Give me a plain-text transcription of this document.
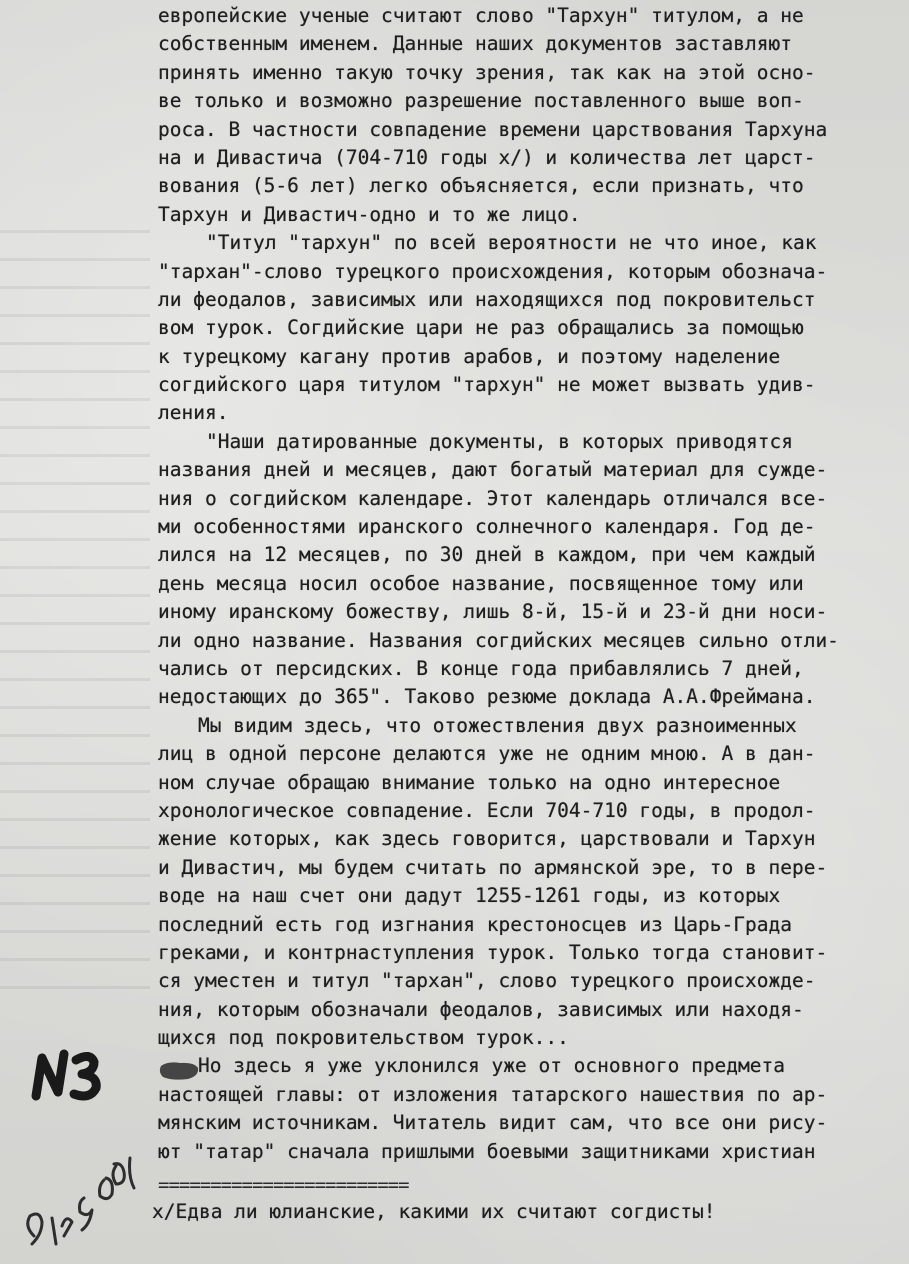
европейские ученые считают слово "Тархун" титулом, а не
собственным именем. Данные наших документов заставляют
принять именно такую точку зрения, так как на этой осно-
ве только и возможно разрешение поставленного выше воп-
роса. В частности совпадение времени царствования Тархуна
на и Дивастича (704-710 годы x/) и количества лет царст-
вования (5-6 лет) легко объясняется, если признать, что
Тархун и Дивастич-одно и то же лицо.
"Титул "тархун" по всей вероятности не что иное, как
"тархан"-слово турецкого происхождения, которым обознача-
ли феодалов, зависимых или находящихся под покровительст
вом турок. Согдийские цари не раз обращались за помощью
к турецкому кагану против арабов, и поэтому наделение
согдийского царя титулом "тархун" не может вызвать удив-
ления.
"Наши датированные документы, в которых приводятся
названия дней и месяцев, дают богатый материал для сужде-
ния о согдийском календаре. Этот календарь отличался все-
ми особенностями иранского солнечного календаря. Год де-
лился на 12 месяцев, по 30 дней в каждом, при чем каждый
день месяца носил особое название, посвященное тому или
иному иранскому божеству, лишь 8-й, 15-й и 23-й дни носи-
ли одно название. Названия согдийских месяцев сильно отли-
чались от персидских. В конце года прибавлялись 7 дней,
недостающих до 365". Таково резюме доклада А.А.Фреймана.
Мы видим здесь, что отожествления двух разноименных
лиц в одной персоне делаются уже не одним мною. А в дан-
ном случае обращаю внимание только на одно интересное
хронологическое совпадение. Если 704-710 годы, в продол-
жение которых, как здесь говорится, царствовали и Тархун
и Дивастич, мы будем считать по армянской эре, то в пере-
воде на наш счет они дадут 1255-1261 годы, из которых
последний есть год изгнания крестоносцев из Царь-Града
греками, и контрнаступления турок. Только тогда становит-
ся уместен и титул "тархан", слово турецкого происхожде-
ния, которым обозначали феодалов, зависимых или находя-
щихся под покровительством турок...
Но здесь я уже уклонился уже от основного предмета
настоящей главы: от изложения татарского нашествия по ар-
мянским источникам. Читатель видит сам, что все они рису-
ют "татар" сначала пришлыми боевыми защитниками христиан
========================
x/Едва ли юлианские, какими их считают согдисты!
